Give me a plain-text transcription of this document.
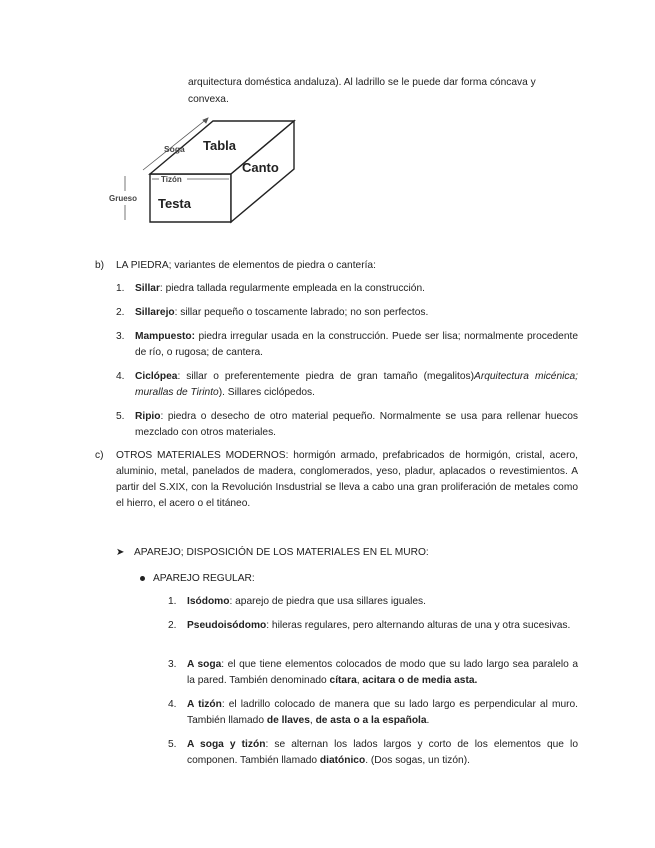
arquitectura doméstica andaluza). Al ladrillo se le puede dar forma cóncava y

convexa.

Soga Tabla
Canto
Tizón
Grueso Testa
b) LA PIEDRA; variantes de elementos de piedra o cantería:

1. Sillar: piedra tallada regularmente empleada en la construcción.

2. Sillarejo: sillar pequeño o toscamente labrado; no son perfectos.

3. Mampuesto: piedra irregular usada en la construcción. Puede ser lisa; normalmente procedente de río, o rugosa; de cantera.

4. Ciclópea: sillar o preferentemente piedra de gran tamaño (megalitos)Arquitectura micénica; murallas de Tirinto). Sillares ciclópedos.

5. Ripio: piedra o desecho de otro material pequeño. Normalmente se usa para rellenar huecos mezclado con otros materiales.

c) OTROS MATERIALES MODERNOS: hormigón armado, prefabricados de hormigón, cristal, acero, aluminio, metal, panelados de madera, conglomerados, yeso, pladur, aplacados o revestimientos. A partir del S.XIX, con la Revolución Insdustrial se lleva a cabo una gran proliferación de metales como el hierro, el acero o el titáneo.

➤ APAREJO; DISPOSICIÓN DE LOS MATERIALES EN EL MURO:

APAREJO REGULAR:

1. Isódomo: aparejo de piedra que usa sillares iguales.

2. Pseudoisódomo: hileras regulares, pero alternando alturas de una y otra sucesivas.

3. A soga: el que tiene elementos colocados de modo que su lado largo sea paralelo a la pared. También denominado cítara, acitara o de media asta.

4. A tizón: el ladrillo colocado de manera que su lado largo es perpendicular al muro. También llamado de llaves, de asta o a la española.

5. A soga y tizón: se alternan los lados largos y corto de los elementos que lo componen. También llamado diatónico. (Dos sogas, un tizón).
